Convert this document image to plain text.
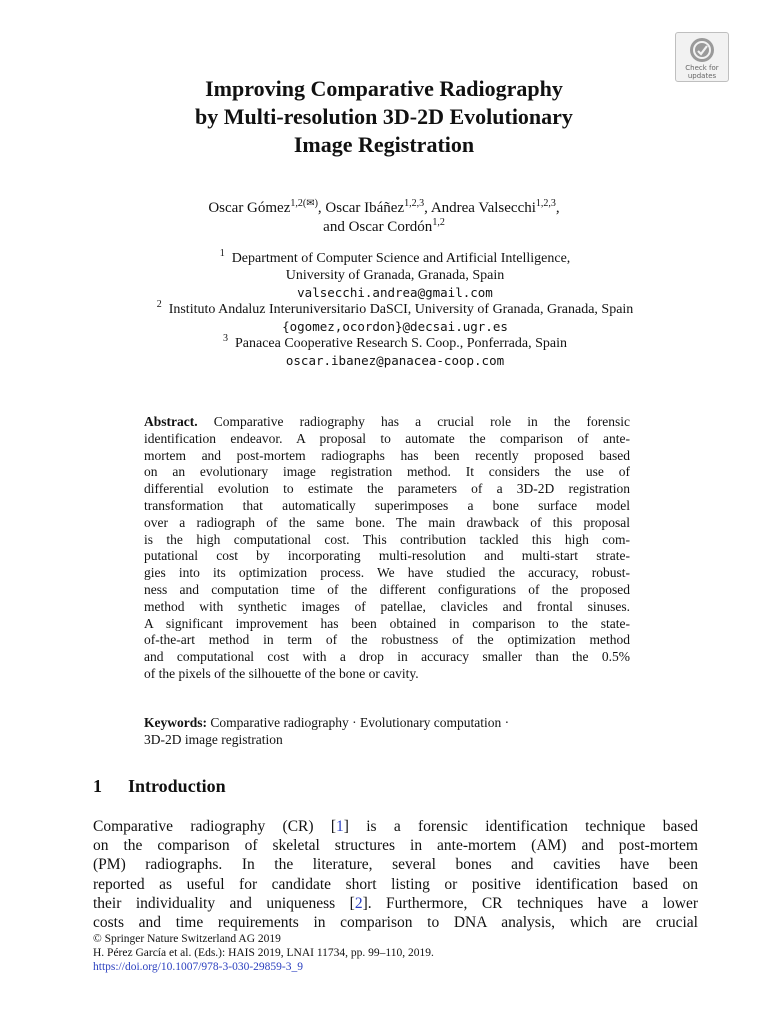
Check for
updates
Improving Comparative Radiography
by Multi-resolution 3D-2D Evolutionary
Image Registration
Oscar Gómez$^{1,2(✉)}$, Oscar Ibáñez$^{1,2,3}$, Andrea Valsecchi$^{1,2,3}$,
and Oscar Cordón$^{1,2}$
$^1$ Department of Computer Science and Artificial Intelligence,
University of Granada, Granada, Spain
valsecchi.andrea@gmail.com
$^2$ Instituto Andaluz Interuniversitario DaSCI, University of Granada, Granada, Spain
{ogomez,ocordon}@decsai.ugr.es
$^3$ Panacea Cooperative Research S. Coop., Ponferrada, Spain
oscar.ibanez@panacea-coop.com
Abstract. Comparative radiography has a crucial role in the forensic
identification endeavor. A proposal to automate the comparison of ante-
mortem and post-mortem radiographs has been recently proposed based
on an evolutionary image registration method. It considers the use of
differential evolution to estimate the parameters of a 3D-2D registration
transformation that automatically superimposes a bone surface model
over a radiograph of the same bone. The main drawback of this proposal
is the high computational cost. This contribution tackled this high com-
putational cost by incorporating multi-resolution and multi-start strate-
gies into its optimization process. We have studied the accuracy, robust-
ness and computation time of the different configurations of the proposed
method with synthetic images of patellae, clavicles and frontal sinuses.
A significant improvement has been obtained in comparison to the state-
of-the-art method in term of the robustness of the optimization method
and computational cost with a drop in accuracy smaller than the 0.5%
of the pixels of the silhouette of the bone or cavity.
Keywords: Comparative radiography · Evolutionary computation ·
3D-2D image registration
1 Introduction
Comparative radiography (CR) [1] is a forensic identification technique based
on the comparison of skeletal structures in ante-mortem (AM) and post-mortem
(PM) radiographs. In the literature, several bones and cavities have been
reported as useful for candidate short listing or positive identification based on
their individuality and uniqueness [2]. Furthermore, CR techniques have a lower
costs and time requirements in comparison to DNA analysis, which are crucial
© Springer Nature Switzerland AG 2019
H. Pérez García et al. (Eds.): HAIS 2019, LNAI 11734, pp. 99–110, 2019.
https://doi.org/10.1007/978-3-030-29859-3_9
